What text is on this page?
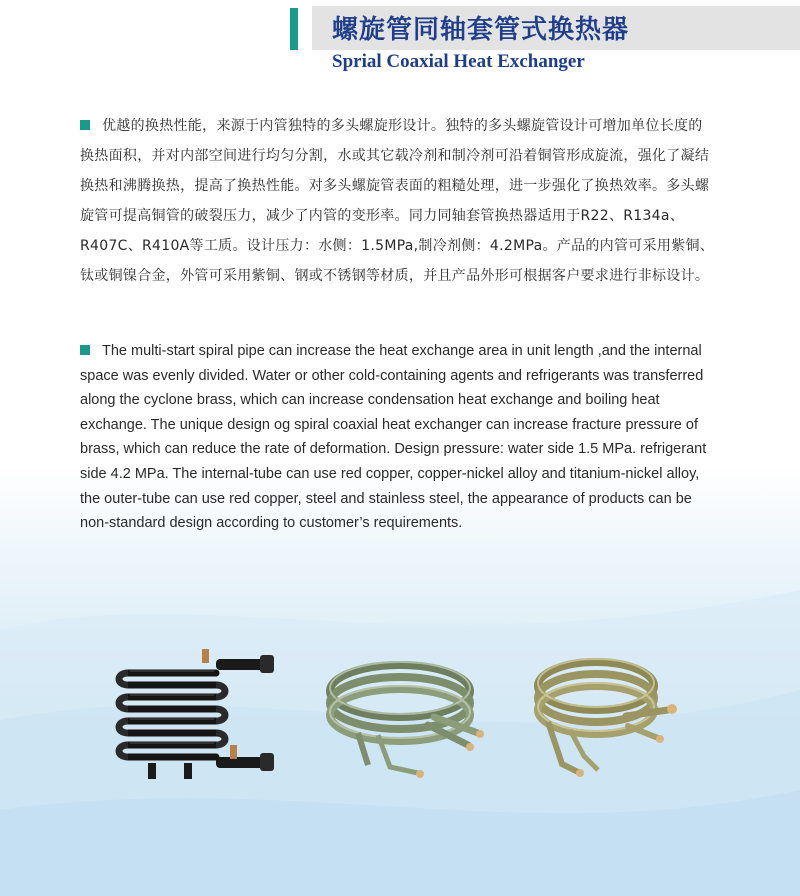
螺旋管同轴套管式换热器
Sprial Coaxial Heat Exchanger

优越的换热性能，来源于内管独特的多头螺旋形设计。独特的多头螺旋管设计可增加单位长度的换热面积，并对内部空间进行均匀分割，水或其它载冷剂和制冷剂可沿着铜管形成旋流，强化了凝结换热和沸腾换热，提高了换热性能。对多头螺旋管表面的粗糙处理，进一步强化了换热效率。多头螺旋管可提高铜管的破裂压力，减少了内管的变形率。同力同轴套管换热器适用于R22、R134a、R407C、R410A等工质。设计压力：水侧：1.5MPa,制冷剂侧：4.2MPa。产品的内管可采用紫铜、钛或铜镍合金，外管可采用紫铜、钢或不锈钢等材质，并且产品外形可根据客户要求进行非标设计。

The multi-start spiral pipe can increase the heat exchange area in unit length ,and the internal space was evenly divided. Water or other cold-containing agents and refrigerants was transferred along the cyclone brass, which can increase condensation heat exchange and boiling heat exchange. The unique design og spiral coaxial heat exchanger can increase fracture pressure of brass, which can reduce the rate of deformation. Design pressure: water side 1.5 MPa. refrigerant side 4.2 MPa. The internal-tube can use red copper, copper-nickel alloy and titanium-nickel alloy, the outer-tube can use red copper, steel and stainless steel, the appearance of products can be non-standard design according to customer’s requirements.
